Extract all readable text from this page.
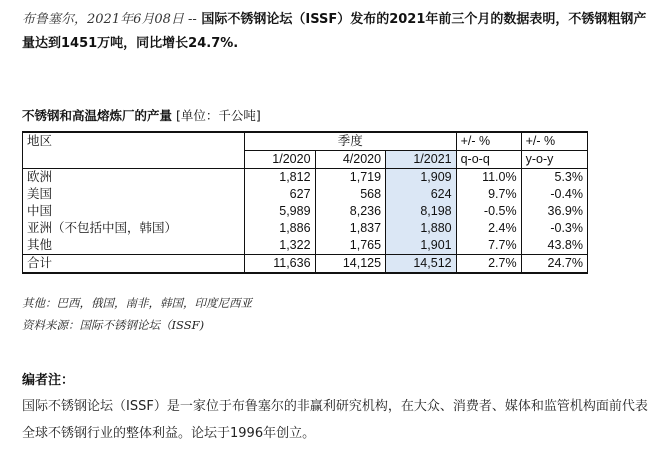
布鲁塞尔，2021年6月08日 -- 国际不锈钢论坛（ISSF）发布的2021年前三个月的数据表明，不锈钢粗钢产量达到1451万吨，同比增长24.7%.
不锈钢和高温熔炼厂的产量 [单位：千公吨]
地区	季度			+/- %	+/- %
	1/2020	4/2020	1/2021	q-o-q	y-o-y
欧洲	1,812	1,719	1,909	11.0%	5.3%
美国	627	568	624	9.7%	-0.4%
中国	5,989	8,236	8,198	-0.5%	36.9%
亚洲（不包括中国，韩国）	1,886	1,837	1,880	2.4%	-0.3%
其他	1,322	1,765	1,901	7.7%	43.8%
合计	11,636	14,125	14,512	2.7%	24.7%
其他：巴西，俄国，南非，韩国，印度尼西亚
资料来源：国际不锈钢论坛（ISSF)
编者注：
国际不锈钢论坛（ISSF）是一家位于布鲁塞尔的非赢利研究机构，在大众、消费者、媒体和监管机构面前代表全球不锈钢行业的整体利益。论坛于1996年创立。
